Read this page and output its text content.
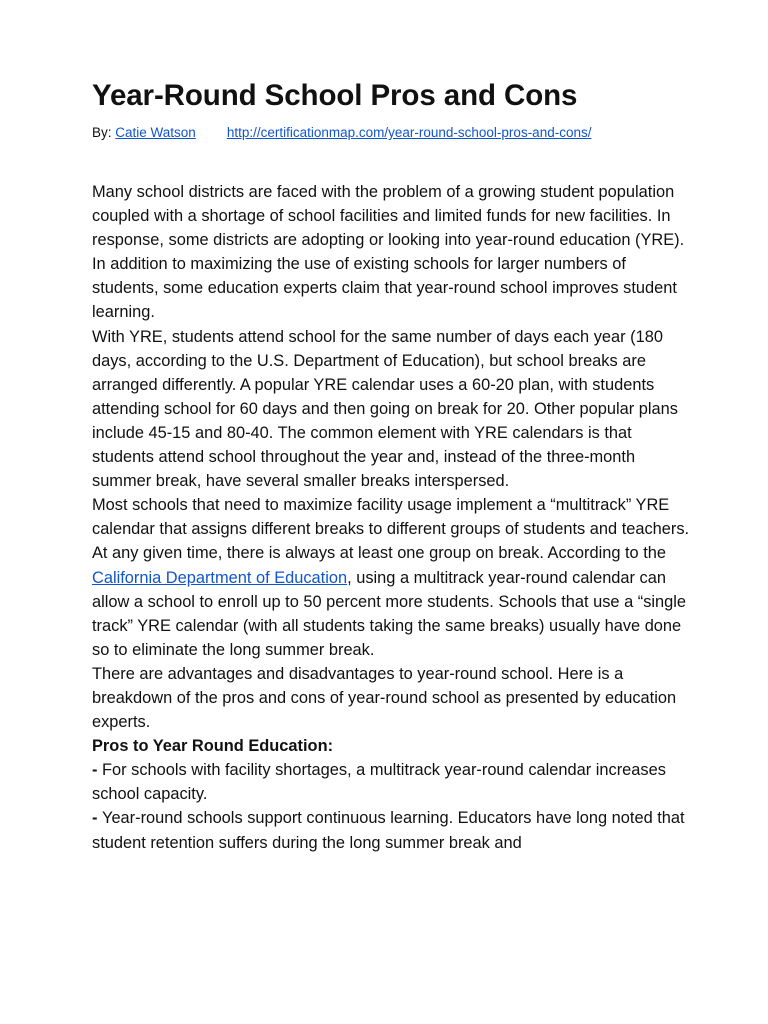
Year-Round School Pros and Cons
By: Catie Watson http://certificationmap.com/year-round-school-pros-and-cons/

Many school districts are faced with the problem of a growing student population coupled with a shortage of school facilities and limited funds for new facilities. In response, some districts are adopting or looking into year-round education (YRE). In addition to maximizing the use of existing schools for larger numbers of students, some education experts claim that year-round school improves student learning.

With YRE, students attend school for the same number of days each year (180 days, according to the U.S. Department of Education), but school breaks are arranged differently. A popular YRE calendar uses a 60-20 plan, with students attending school for 60 days and then going on break for 20. Other popular plans include 45-15 and 80-40. The common element with YRE calendars is that students attend school throughout the year and, instead of the three-month summer break, have several smaller breaks interspersed.

Most schools that need to maximize facility usage implement a “multitrack” YRE calendar that assigns different breaks to different groups of students and teachers. At any given time, there is always at least one group on break. According to the California Department of Education, using a multitrack year-round calendar can allow a school to enroll up to 50 percent more students. Schools that use a “single track” YRE calendar (with all students taking the same breaks) usually have done so to eliminate the long summer break.

There are advantages and disadvantages to year-round school. Here is a breakdown of the pros and cons of year-round school as presented by education experts.

Pros to Year Round Education:

- For schools with facility shortages, a multitrack year-round calendar increases school capacity.

- Year-round schools support continuous learning. Educators have long noted that student retention suffers during the long summer break and
